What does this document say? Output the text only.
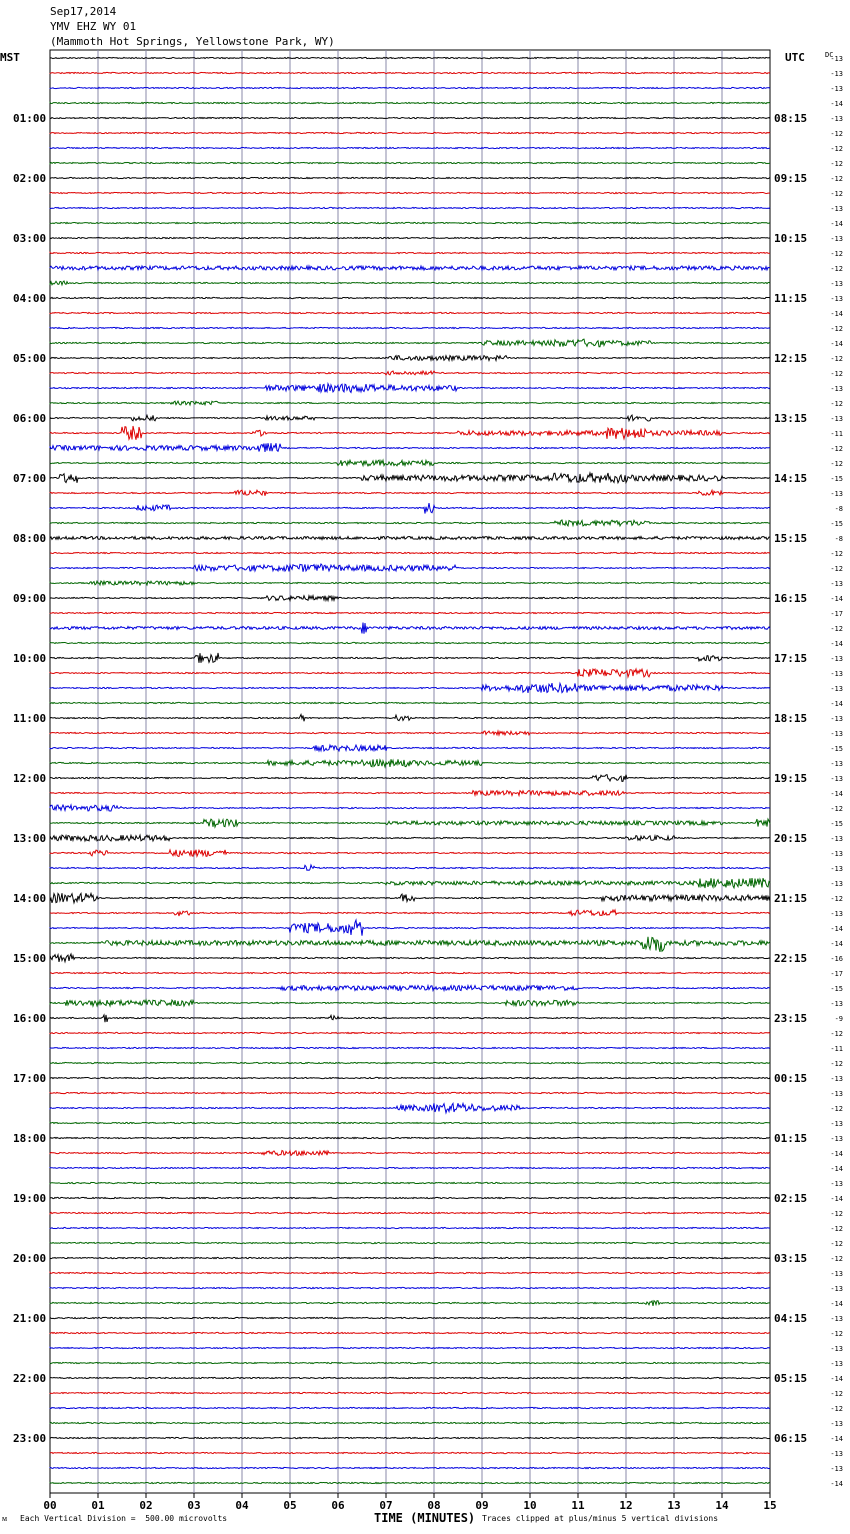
Sep17,2014
YMV EHZ WY 01
(Mammoth Hot Springs, Yellowstone Park, WY)
MST	UTC	-13
-13
-13
-14
-13
-12
-12
-12
-12
-12
-13
-14
-13
-12
-12
-13
-13
-14
-12
-14
-12
-12
-13
-12
-13
-11
-12
-12
-15
-13
-8
-15
-8
-12
-12
-13
-14
-17
-12
-14
-13
-13
-13
-14
-13
-13
-15
-13
-13
-14
-12
-15
-13
-13
-13
-13
-12
-13
-14
-14
-16
-17
-15
-13
-9
-12
-11
-12
-13
-13
-12
-13
-13
-14
-14
-13
-14
-12
-12
-12
-12
-13
-13
-14
-13
-12
-13
-13
-14
-12
-12
-13
-14
-13
-13
-14
DC
01:00
02:00
03:00
04:00
05:00
06:00
07:00
08:00
09:00
10:00
11:00
12:00
13:00
14:00
15:00
16:00
17:00
18:00
19:00
20:00
21:00
22:00
23:00
08:15
09:15
10:15
11:15
12:15
13:15
14:15
15:15
16:15
17:15
18:15
19:15
20:15
21:15
22:15
23:15
00:15
01:15
02:15
03:15
04:15
05:15
06:15
00	01	02	03	04	05	06	07	08	09	10	11	12	13	14	15
ᴍ Each Vertical Division =  500.00 microvolts	TIME (MINUTES) Traces clipped at plus/minus 5 vertical divisions
